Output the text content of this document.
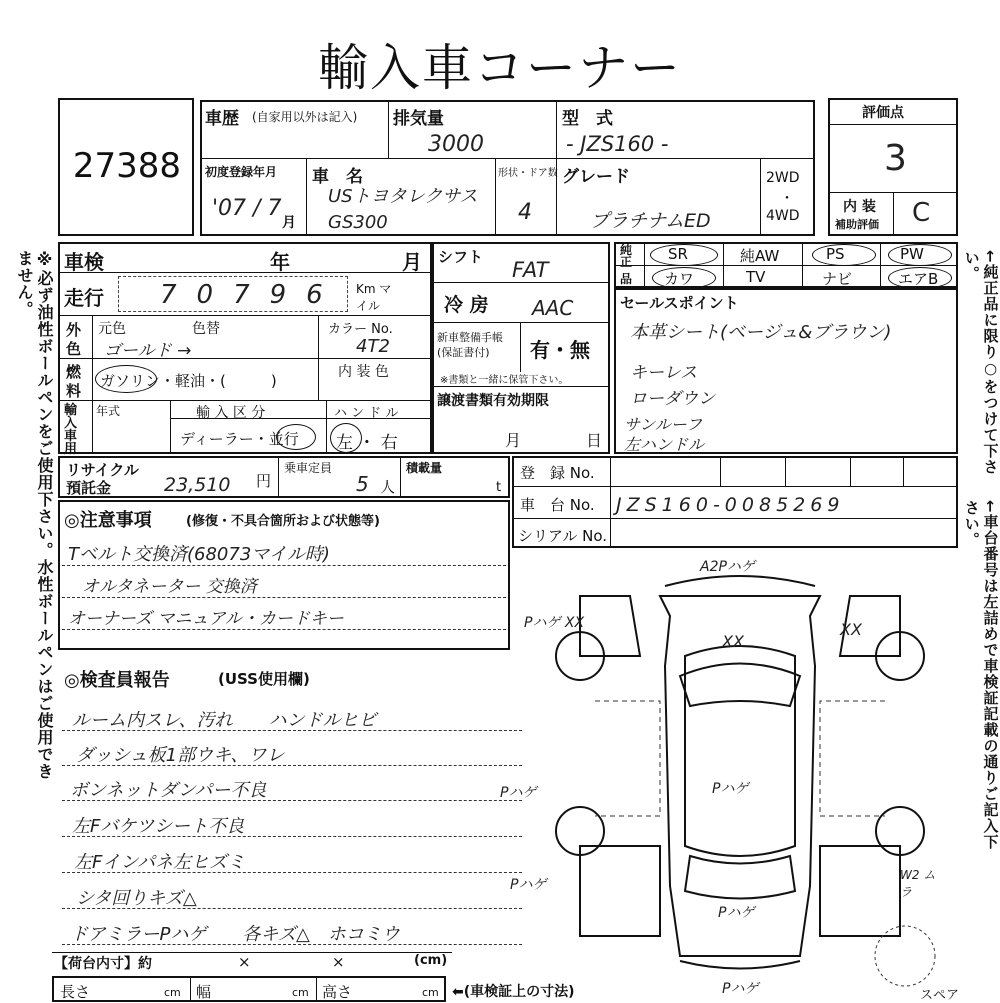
輸入車コーナー
※必ず油性ボールペンをご使用下さい。水性ボールペンはご使用できません。	←純正品に限り○をつけて下さい。
←車台番号は左詰めで車検証記載の通りご記入下さい。
27388
車歴 (自家用以外は記入) 排気量
3000
型　式
- JZS160 -
初度登録年月
'07 / 7
月
車　名
USトヨタレクサス GS300
形状・ドア数
4
グレード
プラチナムED
2WD
・
4WD
評価点
3
内 装
補助評価 C
車検	年	月
走行 70796 Km マイル
外
色
元色	色替
ゴールド →
カラー No.
4T2
燃
料
ガソリン・軽油・(　　　)	内 装 色
輸入車用
年式	輸 入 区 分
ディーラー・並行
ハ ン ド ル
左 ・ 右
シフト
FAT
冷 房 AAC
新車整備手帳 (保証書付)	有・無
※書類と一緒に保管下さい。
譲渡書類有効期限
月	日
純正
品
SR	純AW	PS	PW
カワ	TV	ナビ	エアB
セールスポイント
本革シート(ベージュ&ブラウン)
キーレス
ローダウン
サンルーフ
左ハンドル
リサイクル
預託金	23,510 円
乗車定員
5 人
積載量
t
登　録 No.
車　台 No. JZS160-0085269
シリアル No.
◎注意事項	(修復・不具合箇所および状態等)
Tベルト交換済(68073マイル時)
オルタネーター 交換済
オーナーズ マニュアル・カードキー
◎検査員報告	(USS使用欄)
ルーム内スレ、汚れ　　ハンドルヒビ
ダッシュ板1部ウキ、ワレ
ボンネットダンパー不良
左Fバケツシート不良
左Fインパネ左ヒズミ
シタ回りキズ△
ドアミラーPハゲ　　各キズ△　ホコミウ
【荷台内寸】約	×	×	(cm)
長さ	cm 幅	cm 高さ	cm ⬅(車検証上の寸法)
A2Pハゲ
Pハゲ XX
XX
XX
Pハゲ	Pハゲ
Pハゲ
Pハゲ
W2 ムラ
Pハゲ	スペア
